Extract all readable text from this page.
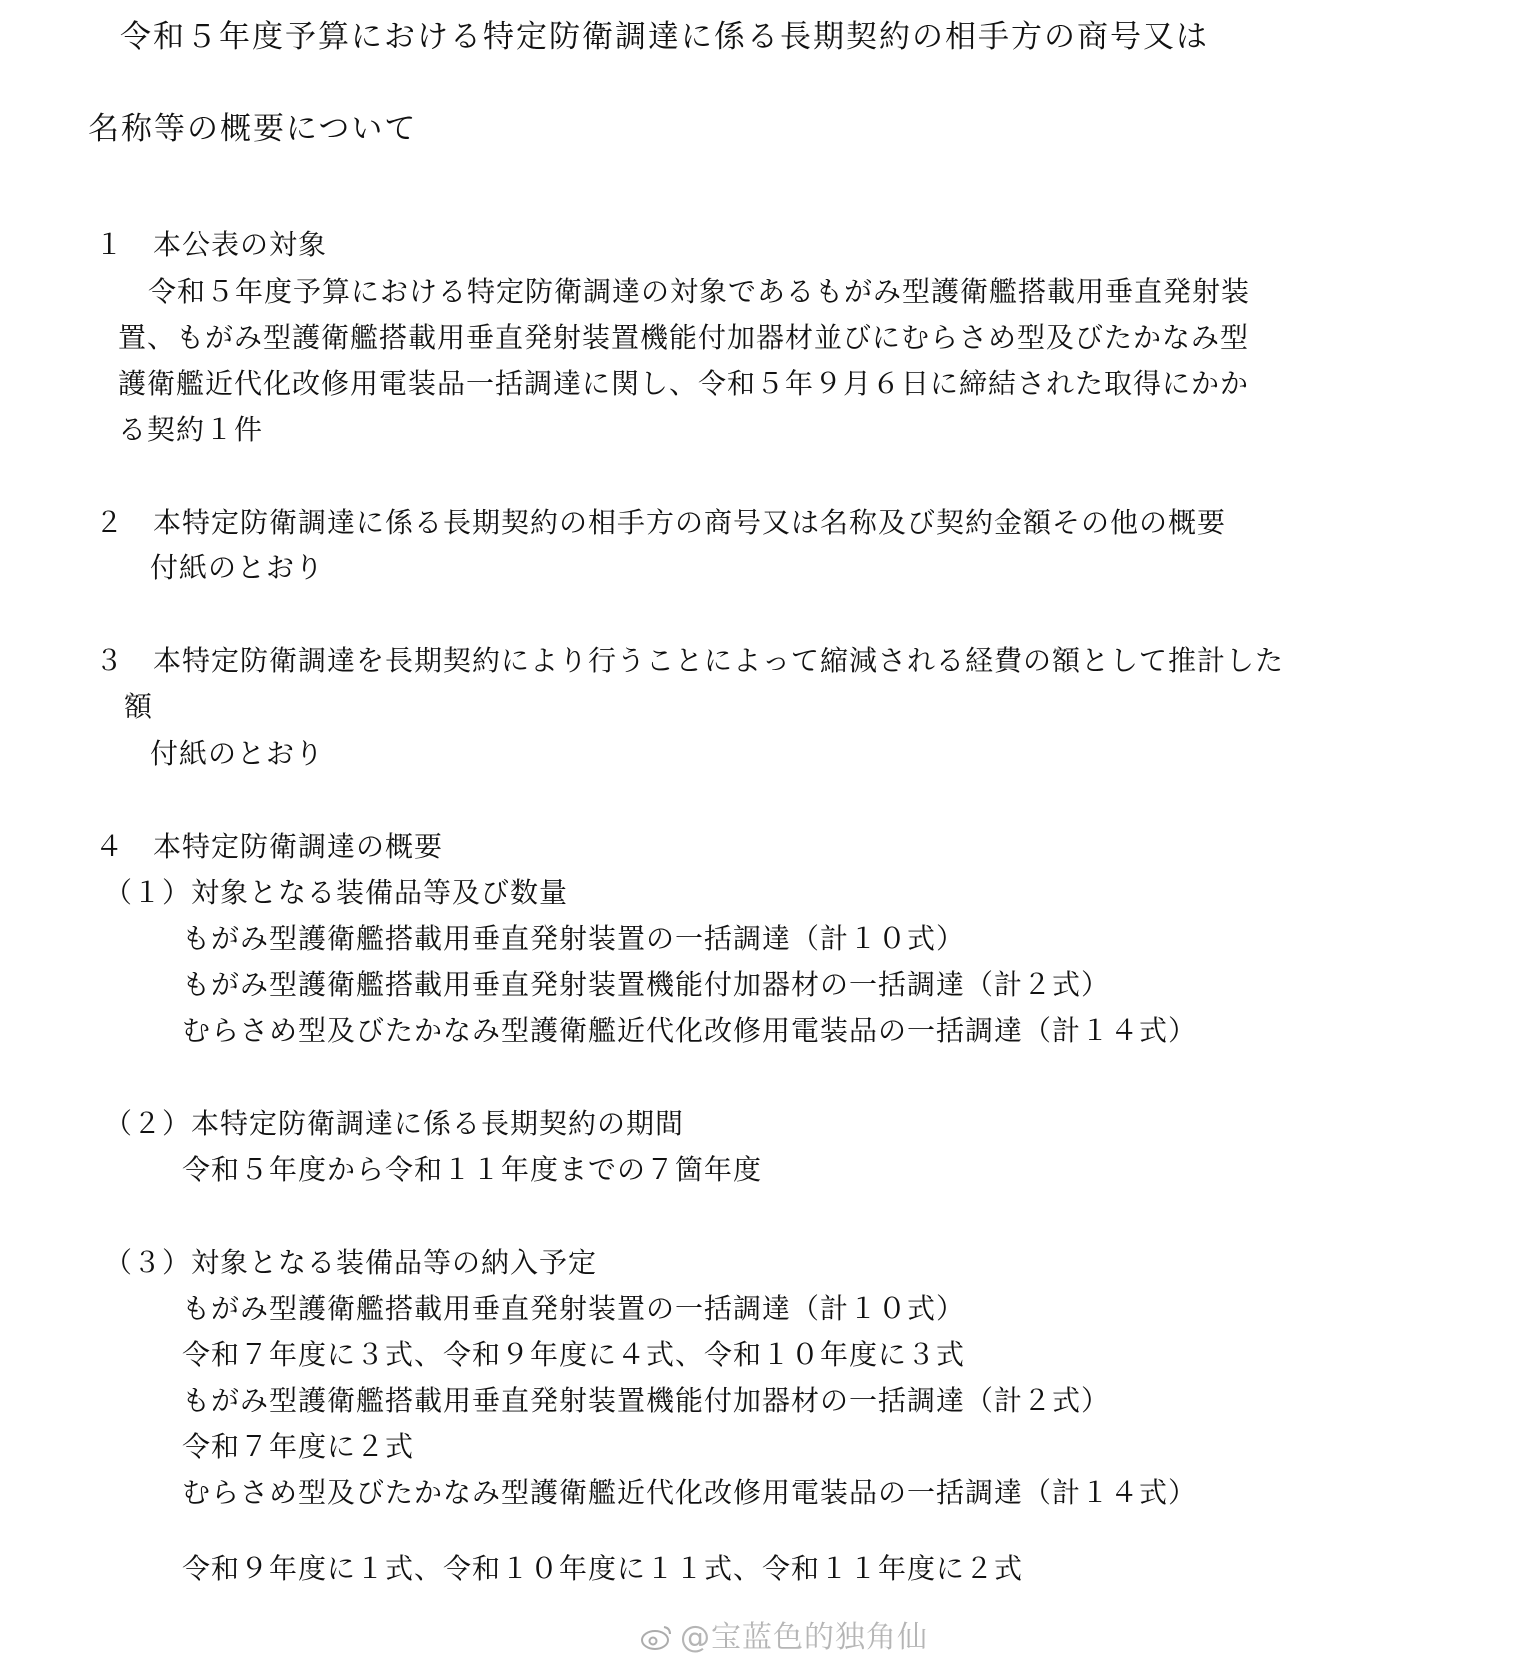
令和５年度予算における特定防衛調達に係る長期契約の相手方の商号又は
名称等の概要について
１　本公表の対象
令和５年度予算における特定防衛調達の対象であるもがみ型護衛艦搭載用垂直発射装
置、もがみ型護衛艦搭載用垂直発射装置機能付加器材並びにむらさめ型及びたかなみ型
護衛艦近代化改修用電装品一括調達に関し、令和５年９月６日に締結された取得にかか
る契約１件
２　本特定防衛調達に係る長期契約の相手方の商号又は名称及び契約金額その他の概要
付紙のとおり
３　本特定防衛調達を長期契約により行うことによって縮減される経費の額として推計した
額
付紙のとおり
４　本特定防衛調達の概要
（１）対象となる装備品等及び数量
もがみ型護衛艦搭載用垂直発射装置の一括調達（計１０式）
もがみ型護衛艦搭載用垂直発射装置機能付加器材の一括調達（計２式）
むらさめ型及びたかなみ型護衛艦近代化改修用電装品の一括調達（計１４式）
（２）本特定防衛調達に係る長期契約の期間
令和５年度から令和１１年度までの７箇年度
（３）対象となる装備品等の納入予定
もがみ型護衛艦搭載用垂直発射装置の一括調達（計１０式）
令和７年度に３式、令和９年度に４式、令和１０年度に３式
もがみ型護衛艦搭載用垂直発射装置機能付加器材の一括調達（計２式）
令和７年度に２式
むらさめ型及びたかなみ型護衛艦近代化改修用電装品の一括調達（計１４式）
令和９年度に１式、令和１０年度に１１式、令和１１年度に２式
@宝蓝色的独角仙
